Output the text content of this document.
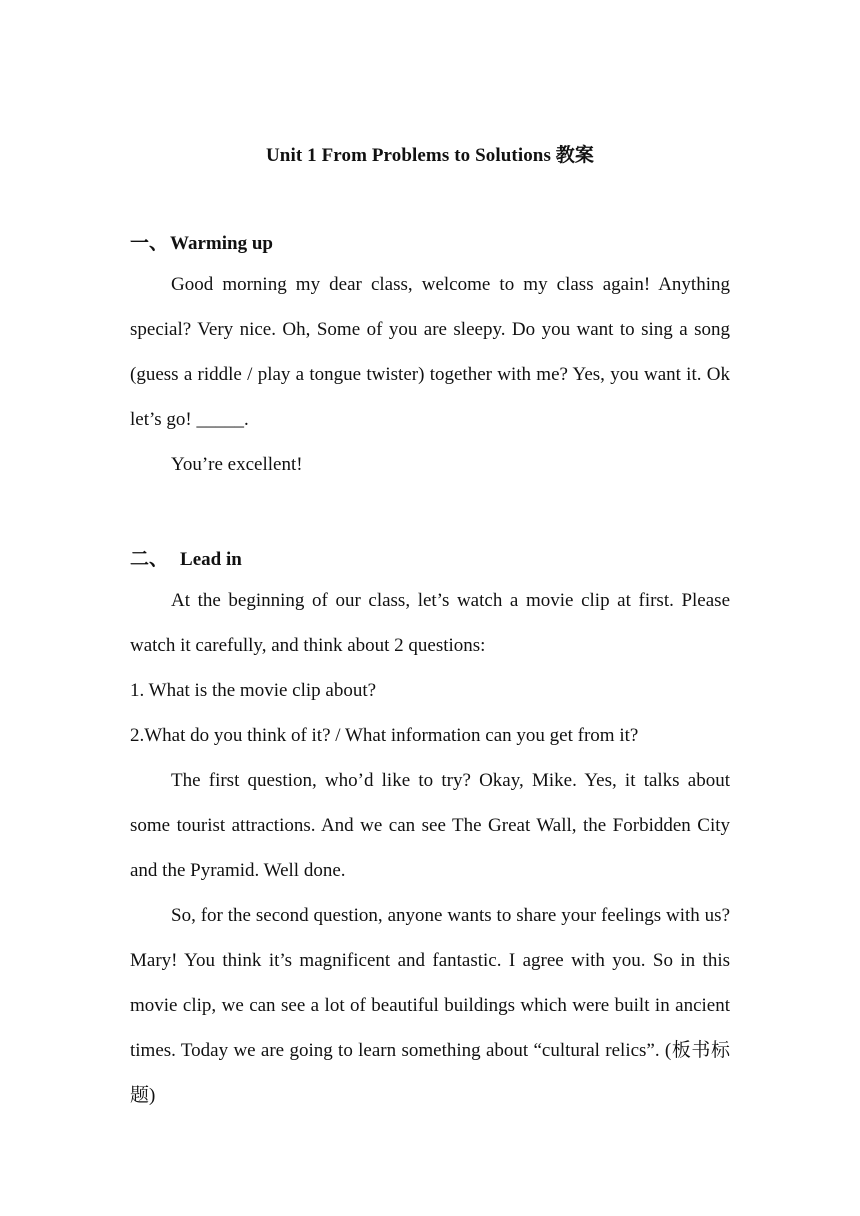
Unit 1 From Problems to Solutions 教案
一、 Warming up
Good morning my dear class, welcome to my class again! Anything special? Very nice. Oh, Some of you are sleepy. Do you want to sing a song (guess a riddle / play a tongue twister) together with me? Yes, you want it. Ok let’s go! _____.
You’re excellent!
二、 Lead in
At the beginning of our class, let’s watch a movie clip at first. Please watch it carefully, and think about 2 questions:
1. What is the movie clip about?
2.What do you think of it? / What information can you get from it?
The first question, who’d like to try? Okay, Mike. Yes, it talks about some tourist attractions. And we can see The Great Wall, the Forbidden City and the Pyramid. Well done.
So, for the second question, anyone wants to share your feelings with us? Mary! You think it’s magnificent and fantastic. I agree with you. So in this movie clip, we can see a lot of beautiful buildings which were built in ancient times. Today we are going to learn something about “cultural relics”. (板书标题)
